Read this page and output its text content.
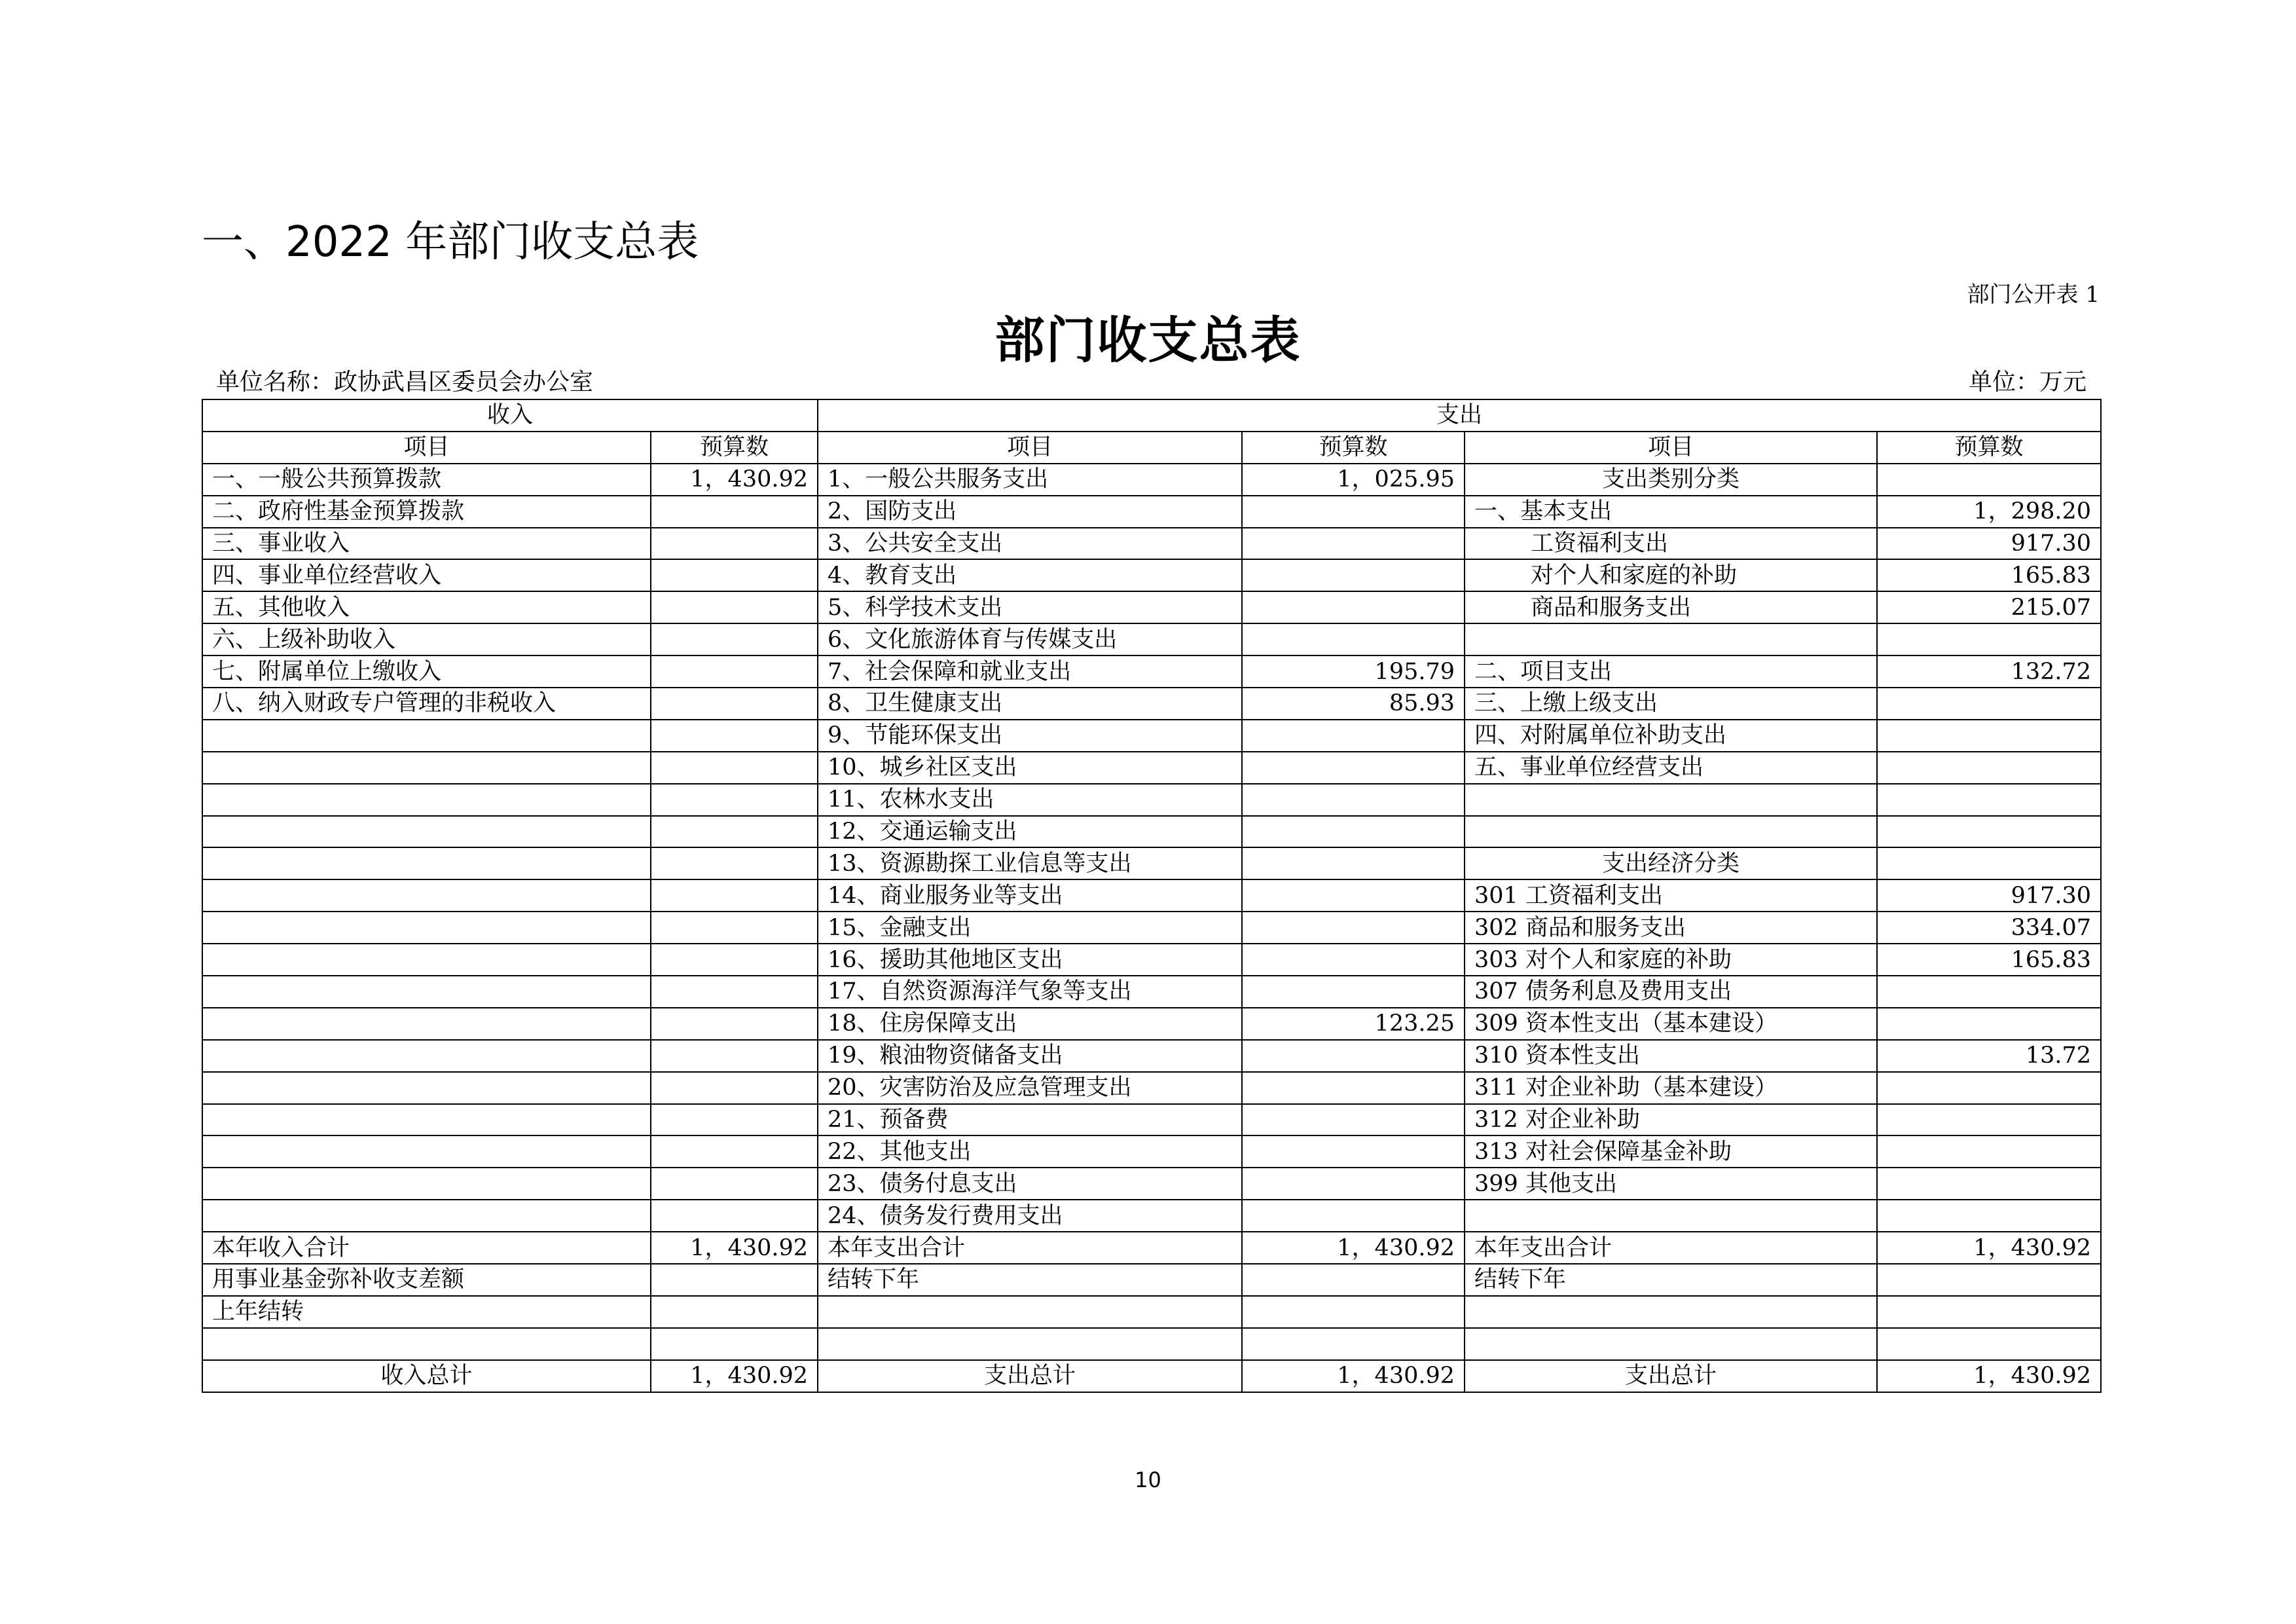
一、2022 年部门收支总表
部门公开表 1
部门收支总表
单位名称：政协武昌区委员会办公室	单位：万元
收入		支出			
项目	预算数	项目	预算数	项目	预算数
一、一般公共预算拨款	1，430.92	1、一般公共服务支出	1，025.95	支出类别分类	
二、政府性基金预算拨款		2、国防支出		一、基本支出	1，298.20
三、事业收入		3、公共安全支出		工资福利支出	917.30
四、事业单位经营收入		4、教育支出		对个人和家庭的补助	165.83
五、其他收入		5、科学技术支出		商品和服务支出	215.07
六、上级补助收入		6、文化旅游体育与传媒支出			
七、附属单位上缴收入		7、社会保障和就业支出	195.79	二、项目支出	132.72
八、纳入财政专户管理的非税收入		8、卫生健康支出	85.93	三、上缴上级支出	
		9、节能环保支出		四、对附属单位补助支出	
		10、城乡社区支出		五、事业单位经营支出	
		11、农林水支出			
		12、交通运输支出			
		13、资源勘探工业信息等支出		支出经济分类	
		14、商业服务业等支出		301 工资福利支出	917.30
		15、金融支出		302 商品和服务支出	334.07
		16、援助其他地区支出		303 对个人和家庭的补助	165.83
		17、自然资源海洋气象等支出		307 债务利息及费用支出	
		18、住房保障支出	123.25	309 资本性支出（基本建设）	
		19、粮油物资储备支出		310 资本性支出	13.72
		20、灾害防治及应急管理支出		311 对企业补助（基本建设）	
		21、预备费		312 对企业补助	
		22、其他支出		313 对社会保障基金补助	
		23、债务付息支出		399 其他支出	
		24、债务发行费用支出			
本年收入合计	1，430.92	本年支出合计	1，430.92	本年支出合计	1，430.92
用事业基金弥补收支差额		结转下年		结转下年	
上年结转					

收入总计	1，430.92	支出总计	1，430.92	支出总计	1，430.92
10
